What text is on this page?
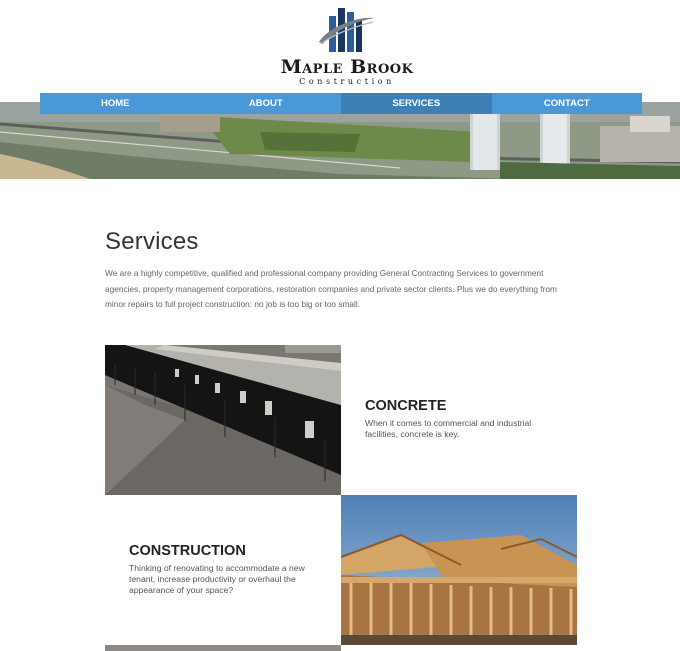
Maple Brook
Construction
HOME	ABOUT	SERVICES	CONTACT
Services

We are a highly competitive, qualified and professional company providing General Contracting Services to government agencies, property management corporations, restoration companies and private sector clients. Plus we do everything from minor repairs to full project construction: no job is too big or too small.

CONCRETE

When it comes to commercial and industrial facilities, concrete is key.

CONSTRUCTION

Thinking of renovating to accommodate a new tenant, increase productivity or overhaul the appearance of your space?
